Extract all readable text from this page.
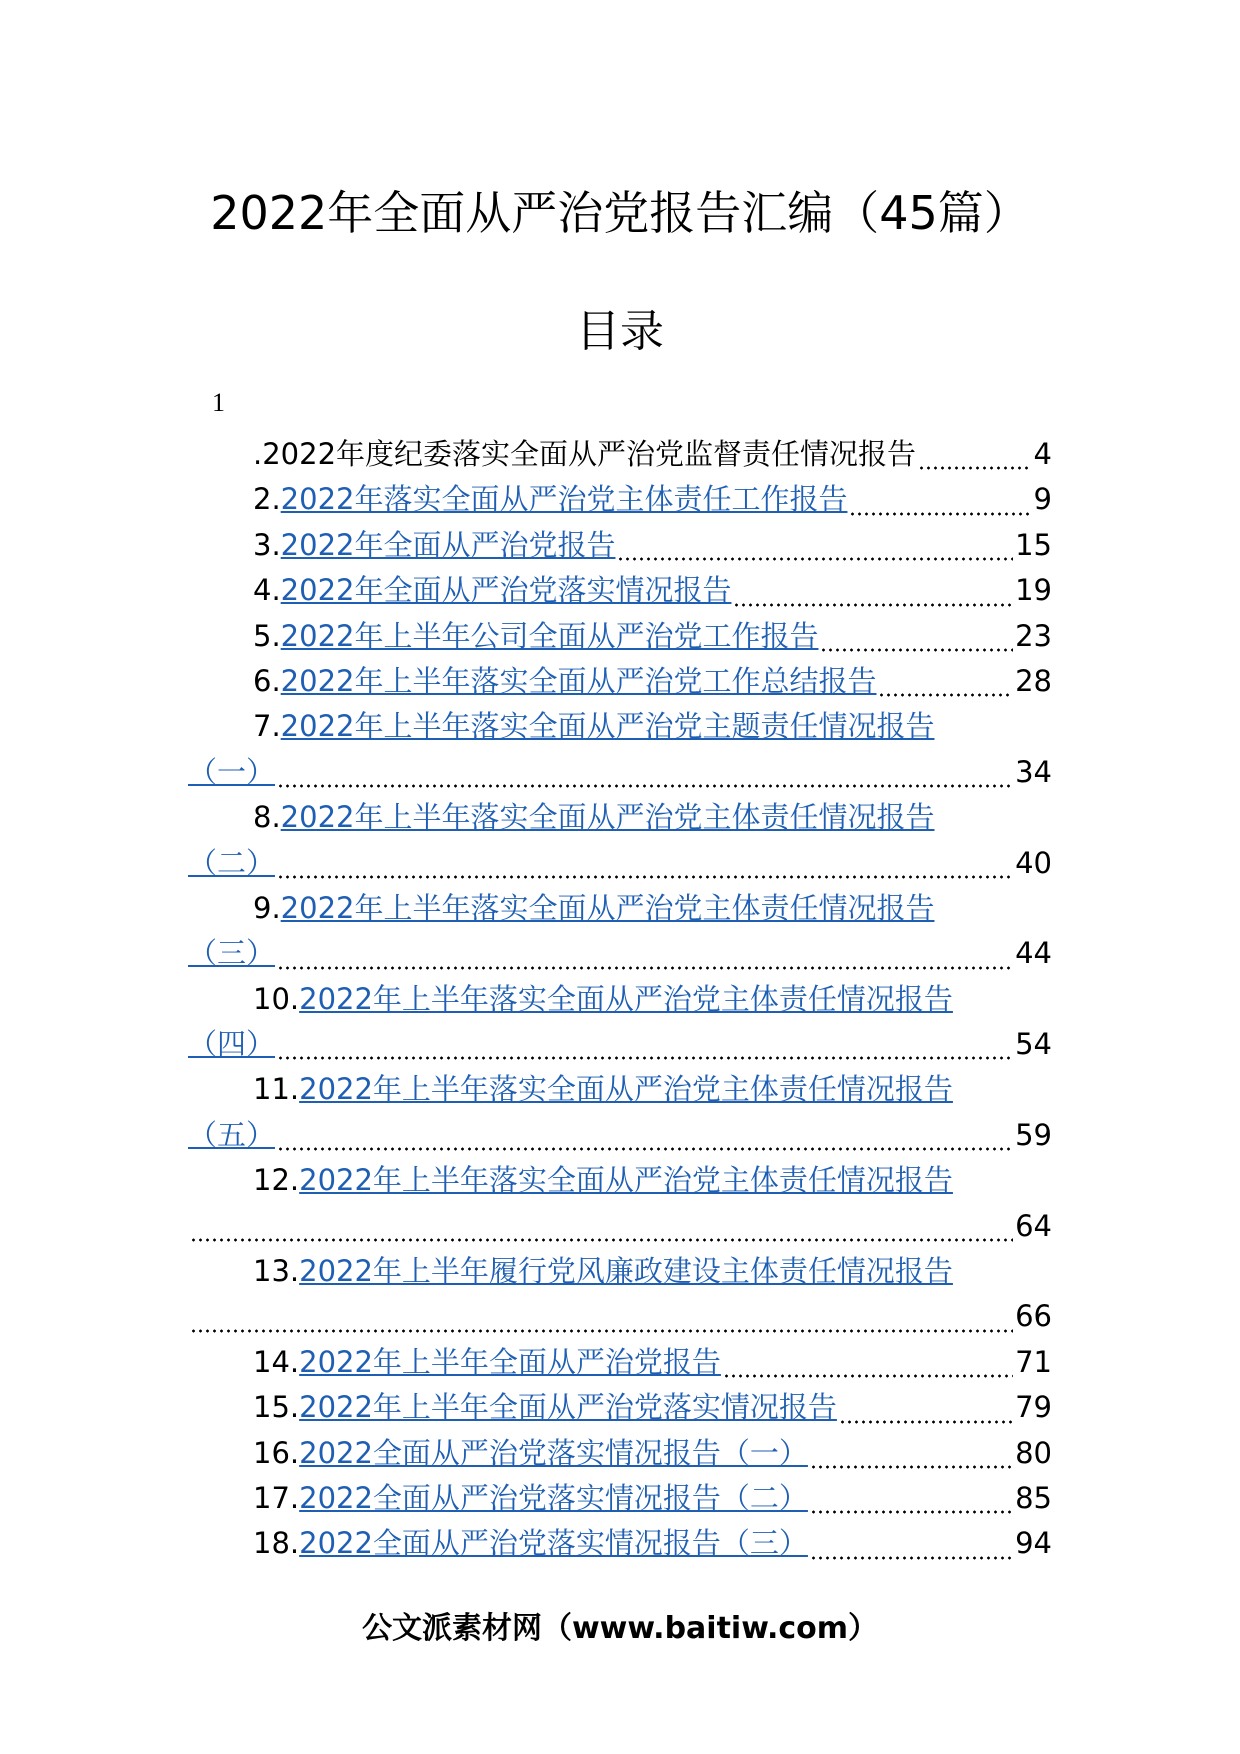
2022年全面从严治党报告汇编（45篇）
目录
1
.2022年度纪委落实全面从严治党监督责任情况报告	4
2. 2022年落实全面从严治党主体责任工作报告	9
3. 2022年全面从严治党报告	15
4. 2022年全面从严治党落实情况报告	19
5. 2022年上半年公司全面从严治党工作报告	23
6. 2022年上半年落实全面从严治党工作总结报告	28
7. 2022年上半年落实全面从严治党主题责任情况报告
（一）	34
8. 2022年上半年落实全面从严治党主体责任情况报告
（二）	40
9. 2022年上半年落实全面从严治党主体责任情况报告
（三）	44
10. 2022年上半年落实全面从严治党主体责任情况报告
（四）	54
11. 2022年上半年落实全面从严治党主体责任情况报告
（五）	59
12. 2022年上半年落实全面从严治党主体责任情况报告
64
13. 2022年上半年履行党风廉政建设主体责任情况报告
66
14. 2022年上半年全面从严治党报告	71
15. 2022年上半年全面从严治党落实情况报告	79
16. 2022全面从严治党落实情况报告（一）	80
17. 2022全面从严治党落实情况报告（二）	85
18. 2022全面从严治党落实情况报告（三）	94
公文派素材网（www.baitiw.com）
